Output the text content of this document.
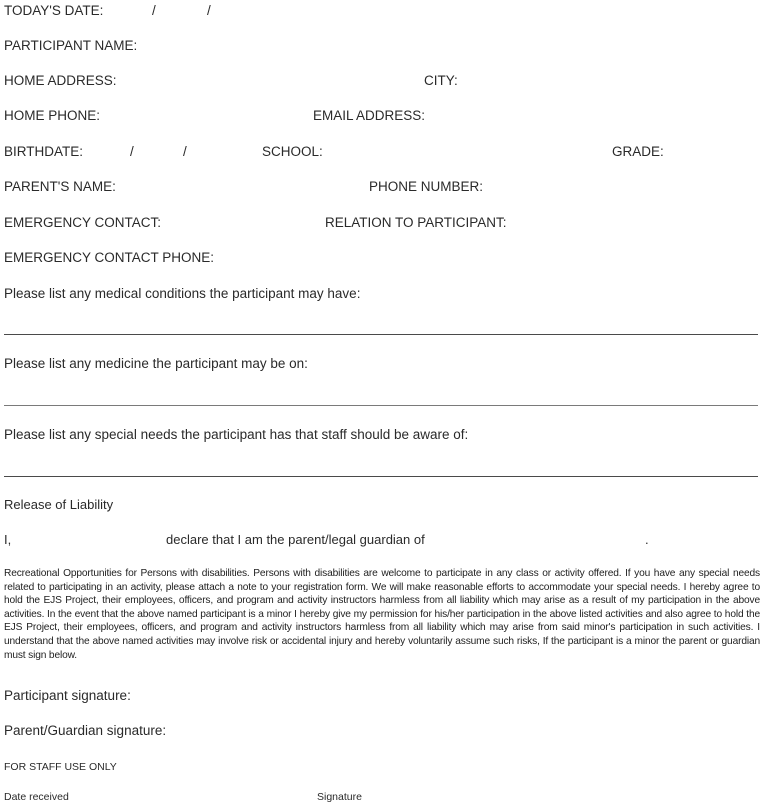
TODAY'S DATE:	/	/
PARTICIPANT NAME:
HOME ADDRESS:	CITY:
HOME PHONE:	EMAIL ADDRESS:
BIRTHDATE:	/	/	SCHOOL:	GRADE:
PARENT'S NAME:	PHONE NUMBER:
EMERGENCY CONTACT:	RELATION TO PARTICIPANT:
EMERGENCY CONTACT PHONE:
Please list any medical conditions the participant may have:
Please list any medicine the participant may be on:
Please list any special needs the participant has that staff should be aware of:
Release of Liability
I,	declare that I am the parent/legal guardian of	.

Recreational Opportunities for Persons with disabilities. Persons with disabilities are welcome to participate in any class or activity offered. If you have any special needs related to participating in an activity, please attach a note to your registration form. We will make reasonable efforts to accommodate your special needs. I hereby agree to hold the EJS Project, their employees, officers, and program and activity instructors harmless from all liability which may arise as a result of my participation in the above activities. In the event that the above named participant is a minor I hereby give my permission for his/her participation in the above listed activities and also agree to hold the EJS Project, their employees, officers, and program and activity instructors harmless from all liability which may arise from said minor's participation in such activities. I understand that the above named activities may involve risk or accidental injury and hereby voluntarily assume such risks, If the participant is a minor the parent or guardian must sign below.

Participant signature:
Parent/Guardian signature:
FOR STAFF USE ONLY
Date received	Signature
